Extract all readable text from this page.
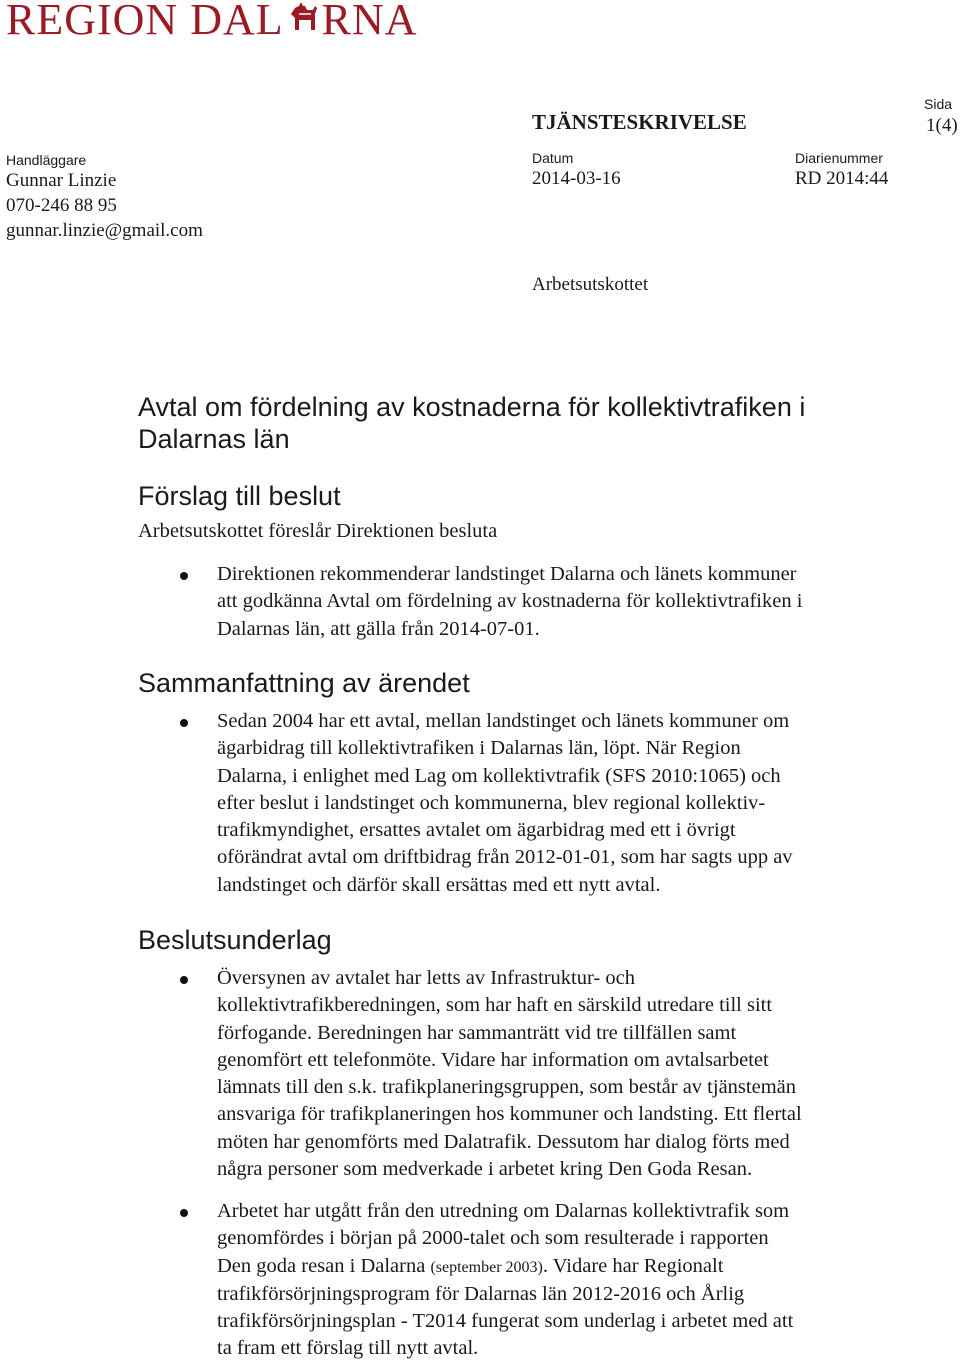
REGION DAL RNA
TJÄNSTESKRIVELSE
Sida
1(4)
Handläggare
Gunnar Linzie
070-246 88 95
gunnar.linzie@gmail.com
Datum
2014-03-16
Diarienummer
RD 2014:44
Arbetsutskottet
Avtal om fördelning av kostnaderna för kollektivtrafiken i
Dalarnas län
Förslag till beslut
Arbetsutskottet föreslår Direktionen besluta
Direktionen rekommenderar landstinget Dalarna och länets kommuner
att godkänna Avtal om fördelning av kostnaderna för kollektivtrafiken i
Dalarnas län, att gälla från 2014-07-01.
Sammanfattning av ärendet
Sedan 2004 har ett avtal, mellan landstinget och länets kommuner om
ägarbidrag till kollektivtrafiken i Dalarnas län, löpt. När Region
Dalarna, i enlighet med Lag om kollektivtrafik (SFS 2010:1065) och
efter beslut i landstinget och kommunerna, blev regional kollektiv-
trafikmyndighet, ersattes avtalet om ägarbidrag med ett i övrigt
oförändrat avtal om driftbidrag från 2012-01-01, som har sagts upp av
landstinget och därför skall ersättas med ett nytt avtal.
Beslutsunderlag
Översynen av avtalet har letts av Infrastruktur- och
kollektivtrafikberedningen, som har haft en särskild utredare till sitt
förfogande. Beredningen har sammanträtt vid tre tillfällen samt
genomfört ett telefonmöte. Vidare har information om avtalsarbetet
lämnats till den s.k. trafikplaneringsgruppen, som består av tjänstemän
ansvariga för trafikplaneringen hos kommuner och landsting. Ett flertal
möten har genomförts med Dalatrafik. Dessutom har dialog förts med
några personer som medverkade i arbetet kring Den Goda Resan.
Arbetet har utgått från den utredning om Dalarnas kollektivtrafik som
genomfördes i början på 2000-talet och som resulterade i rapporten
Den goda resan i Dalarna (september 2003). Vidare har Regionalt
trafikförsörjningsprogram för Dalarnas län 2012-2016 och Årlig
trafikförsörjningsplan - T2014 fungerat som underlag i arbetet med att
ta fram ett förslag till nytt avtal.
